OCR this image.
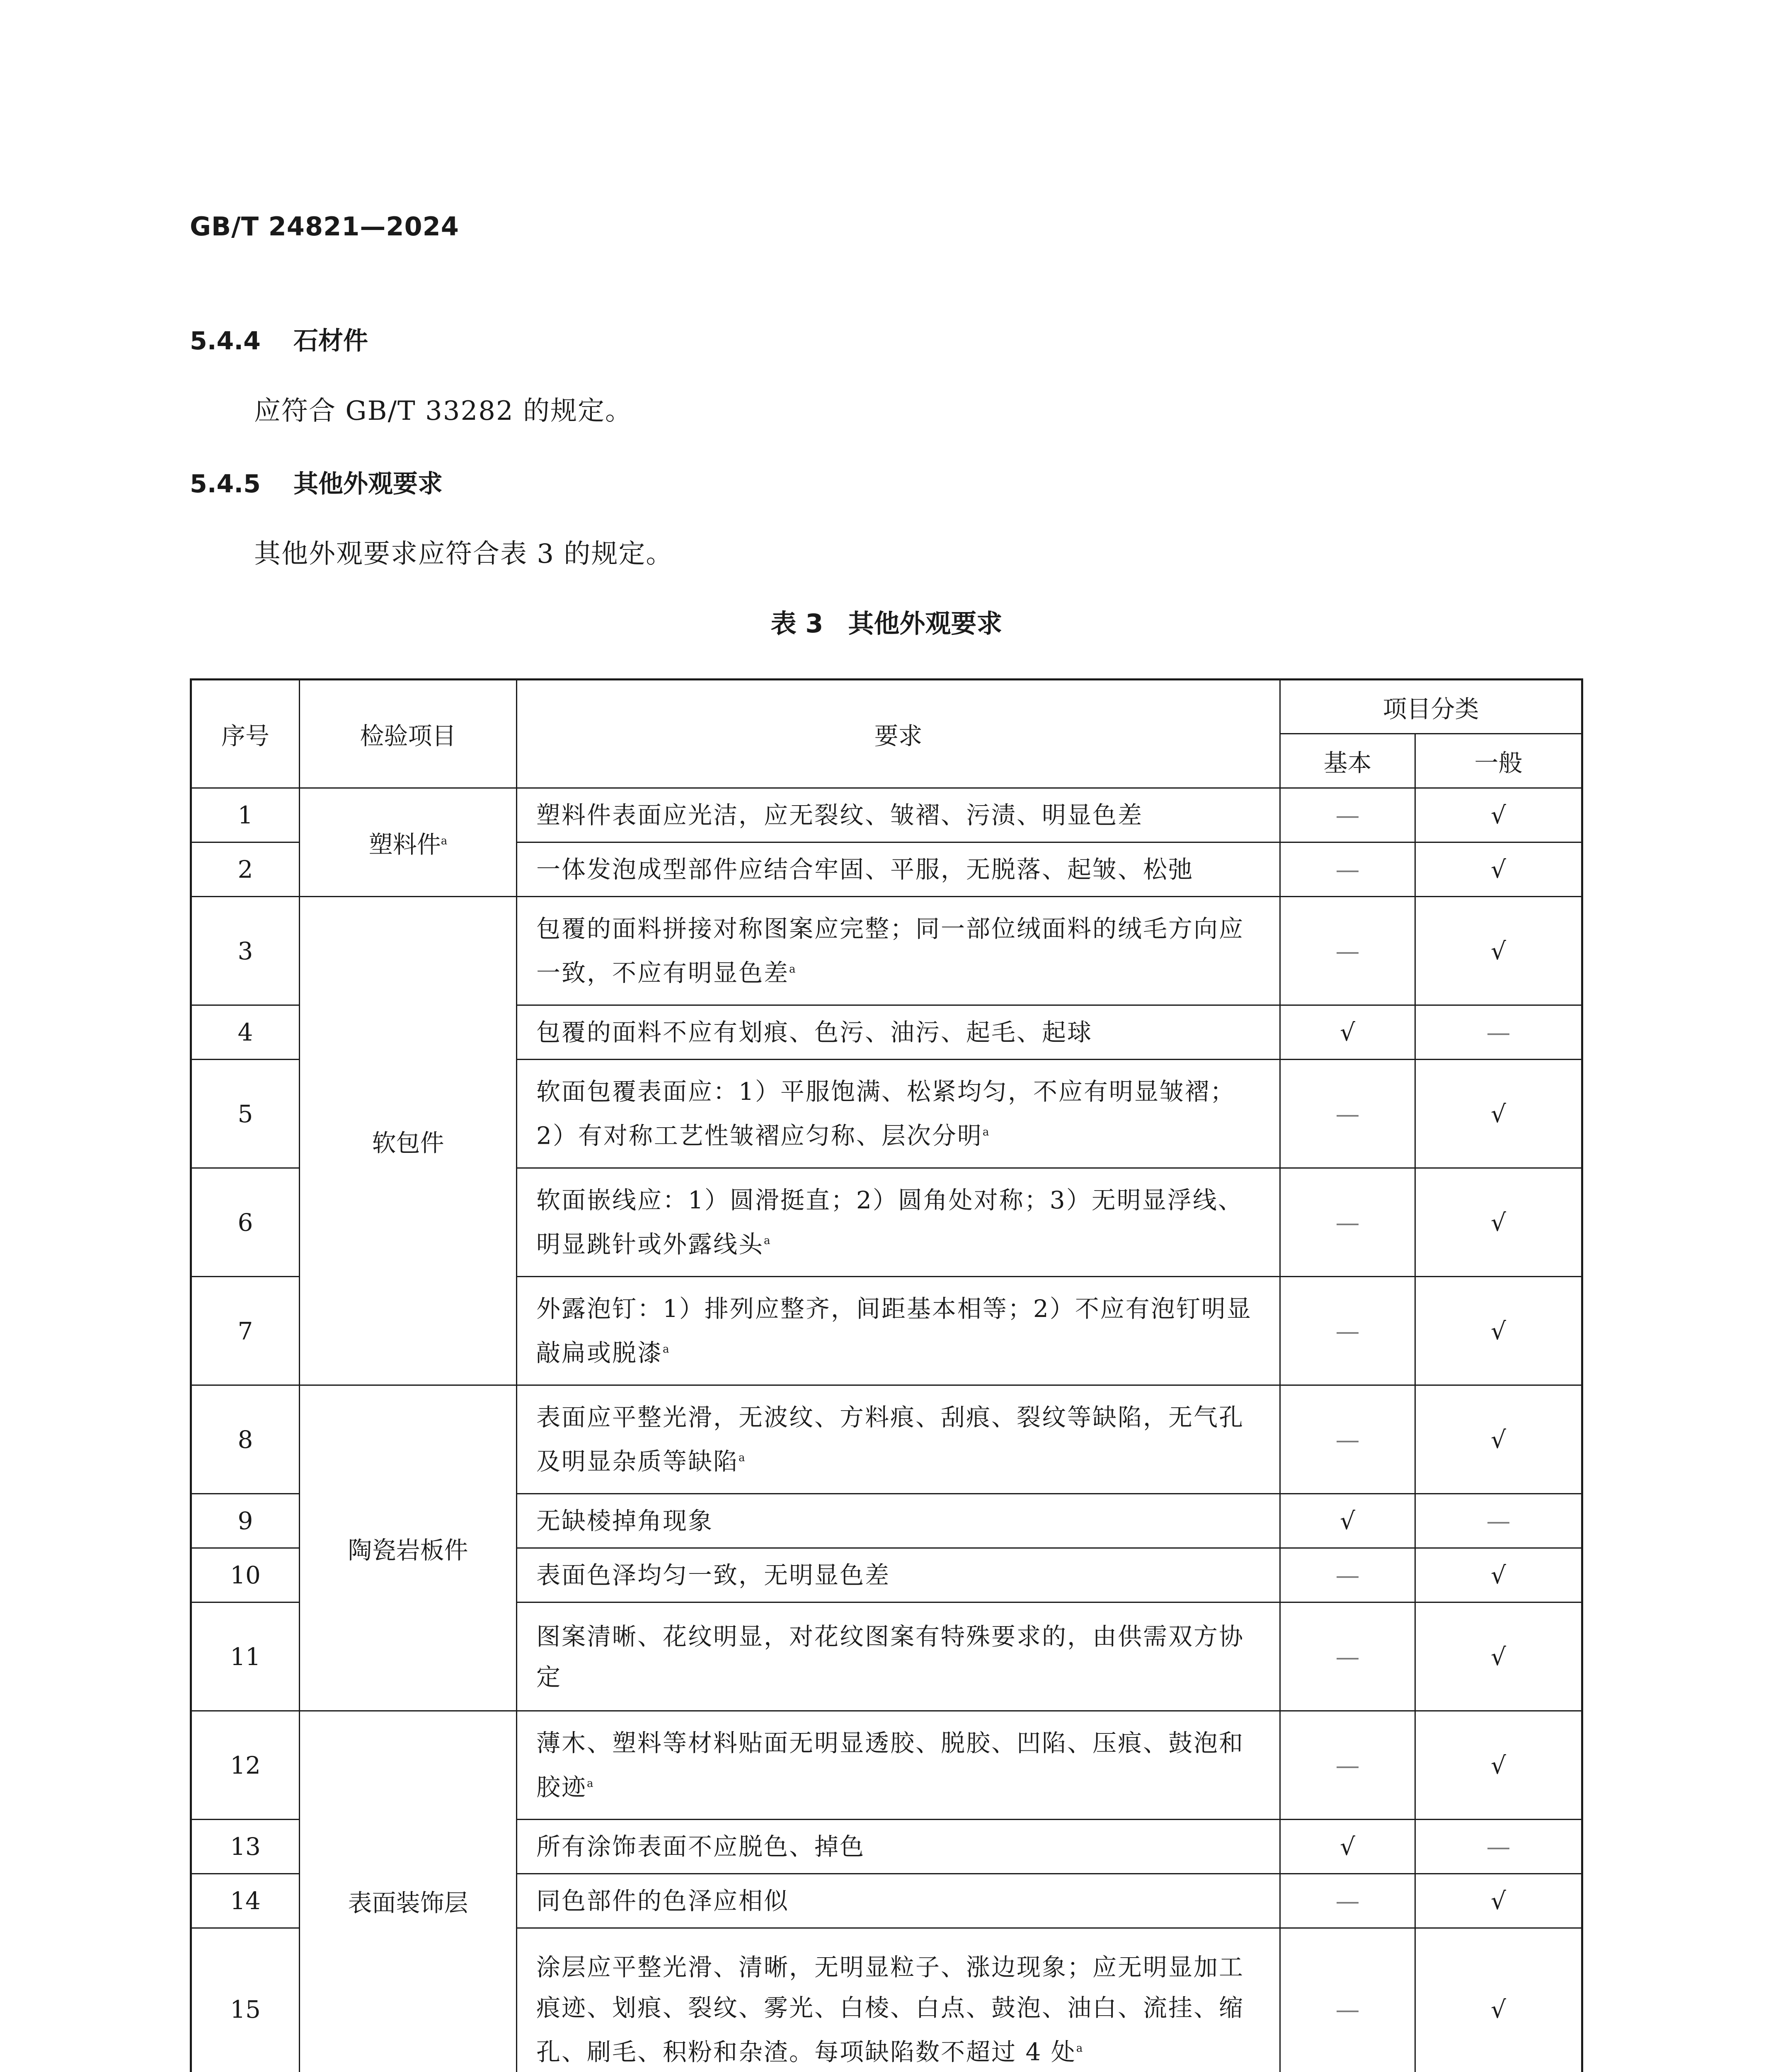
GB/T 24821—2024
5.4.4 石材件
应符合 GB/T 33282 的规定。
5.4.5 其他外观要求
其他外观要求应符合表 3 的规定。
表 3 其他外观要求
序号	检验项目	要求	项目分类	
			基本	一般
1	塑料件$^a$	塑料件表面应光洁，应无裂纹、皱褶、污渍、明显色差	—	√
2		一体发泡成型部件应结合牢固、平服，无脱落、起皱、松弛	—	√
3	软包件	包覆的面料拼接对称图案应完整；同一部位绒面料的绒毛方向应一致，不应有明显色差$^a$	—	√
4		包覆的面料不应有划痕、色污、油污、起毛、起球	√	—
5		软面包覆表面应：1）平服饱满、松紧均匀，不应有明显皱褶；2）有对称工艺性皱褶应匀称、层次分明$^a$	—	√
6		软面嵌线应：1）圆滑挺直；2）圆角处对称；3）无明显浮线、明显跳针或外露线头$^a$	—	√
7		外露泡钉：1）排列应整齐，间距基本相等；2）不应有泡钉明显敲扁或脱漆$^a$	—	√
8	陶瓷岩板件	表面应平整光滑，无波纹、方料痕、刮痕、裂纹等缺陷，无气孔及明显杂质等缺陷$^a$	—	√
9		无缺棱掉角现象	√	—
10		表面色泽均匀一致，无明显色差	—	√
11		图案清晰、花纹明显，对花纹图案有特殊要求的，由供需双方协定	—	√
12	表面装饰层	薄木、塑料等材料贴面无明显透胶、脱胶、凹陷、压痕、鼓泡和胶迹$^a$	—	√
13		所有涂饰表面不应脱色、掉色	√	—
14		同色部件的色泽应相似	—	√
15		涂层应平整光滑、清晰，无明显粒子、涨边现象；应无明显加工痕迹、划痕、裂纹、雾光、白棱、白点、鼓泡、油白、流挂、缩孔、刷毛、积粉和杂渣。每项缺陷数不超过 4 处$^a$	—	√
